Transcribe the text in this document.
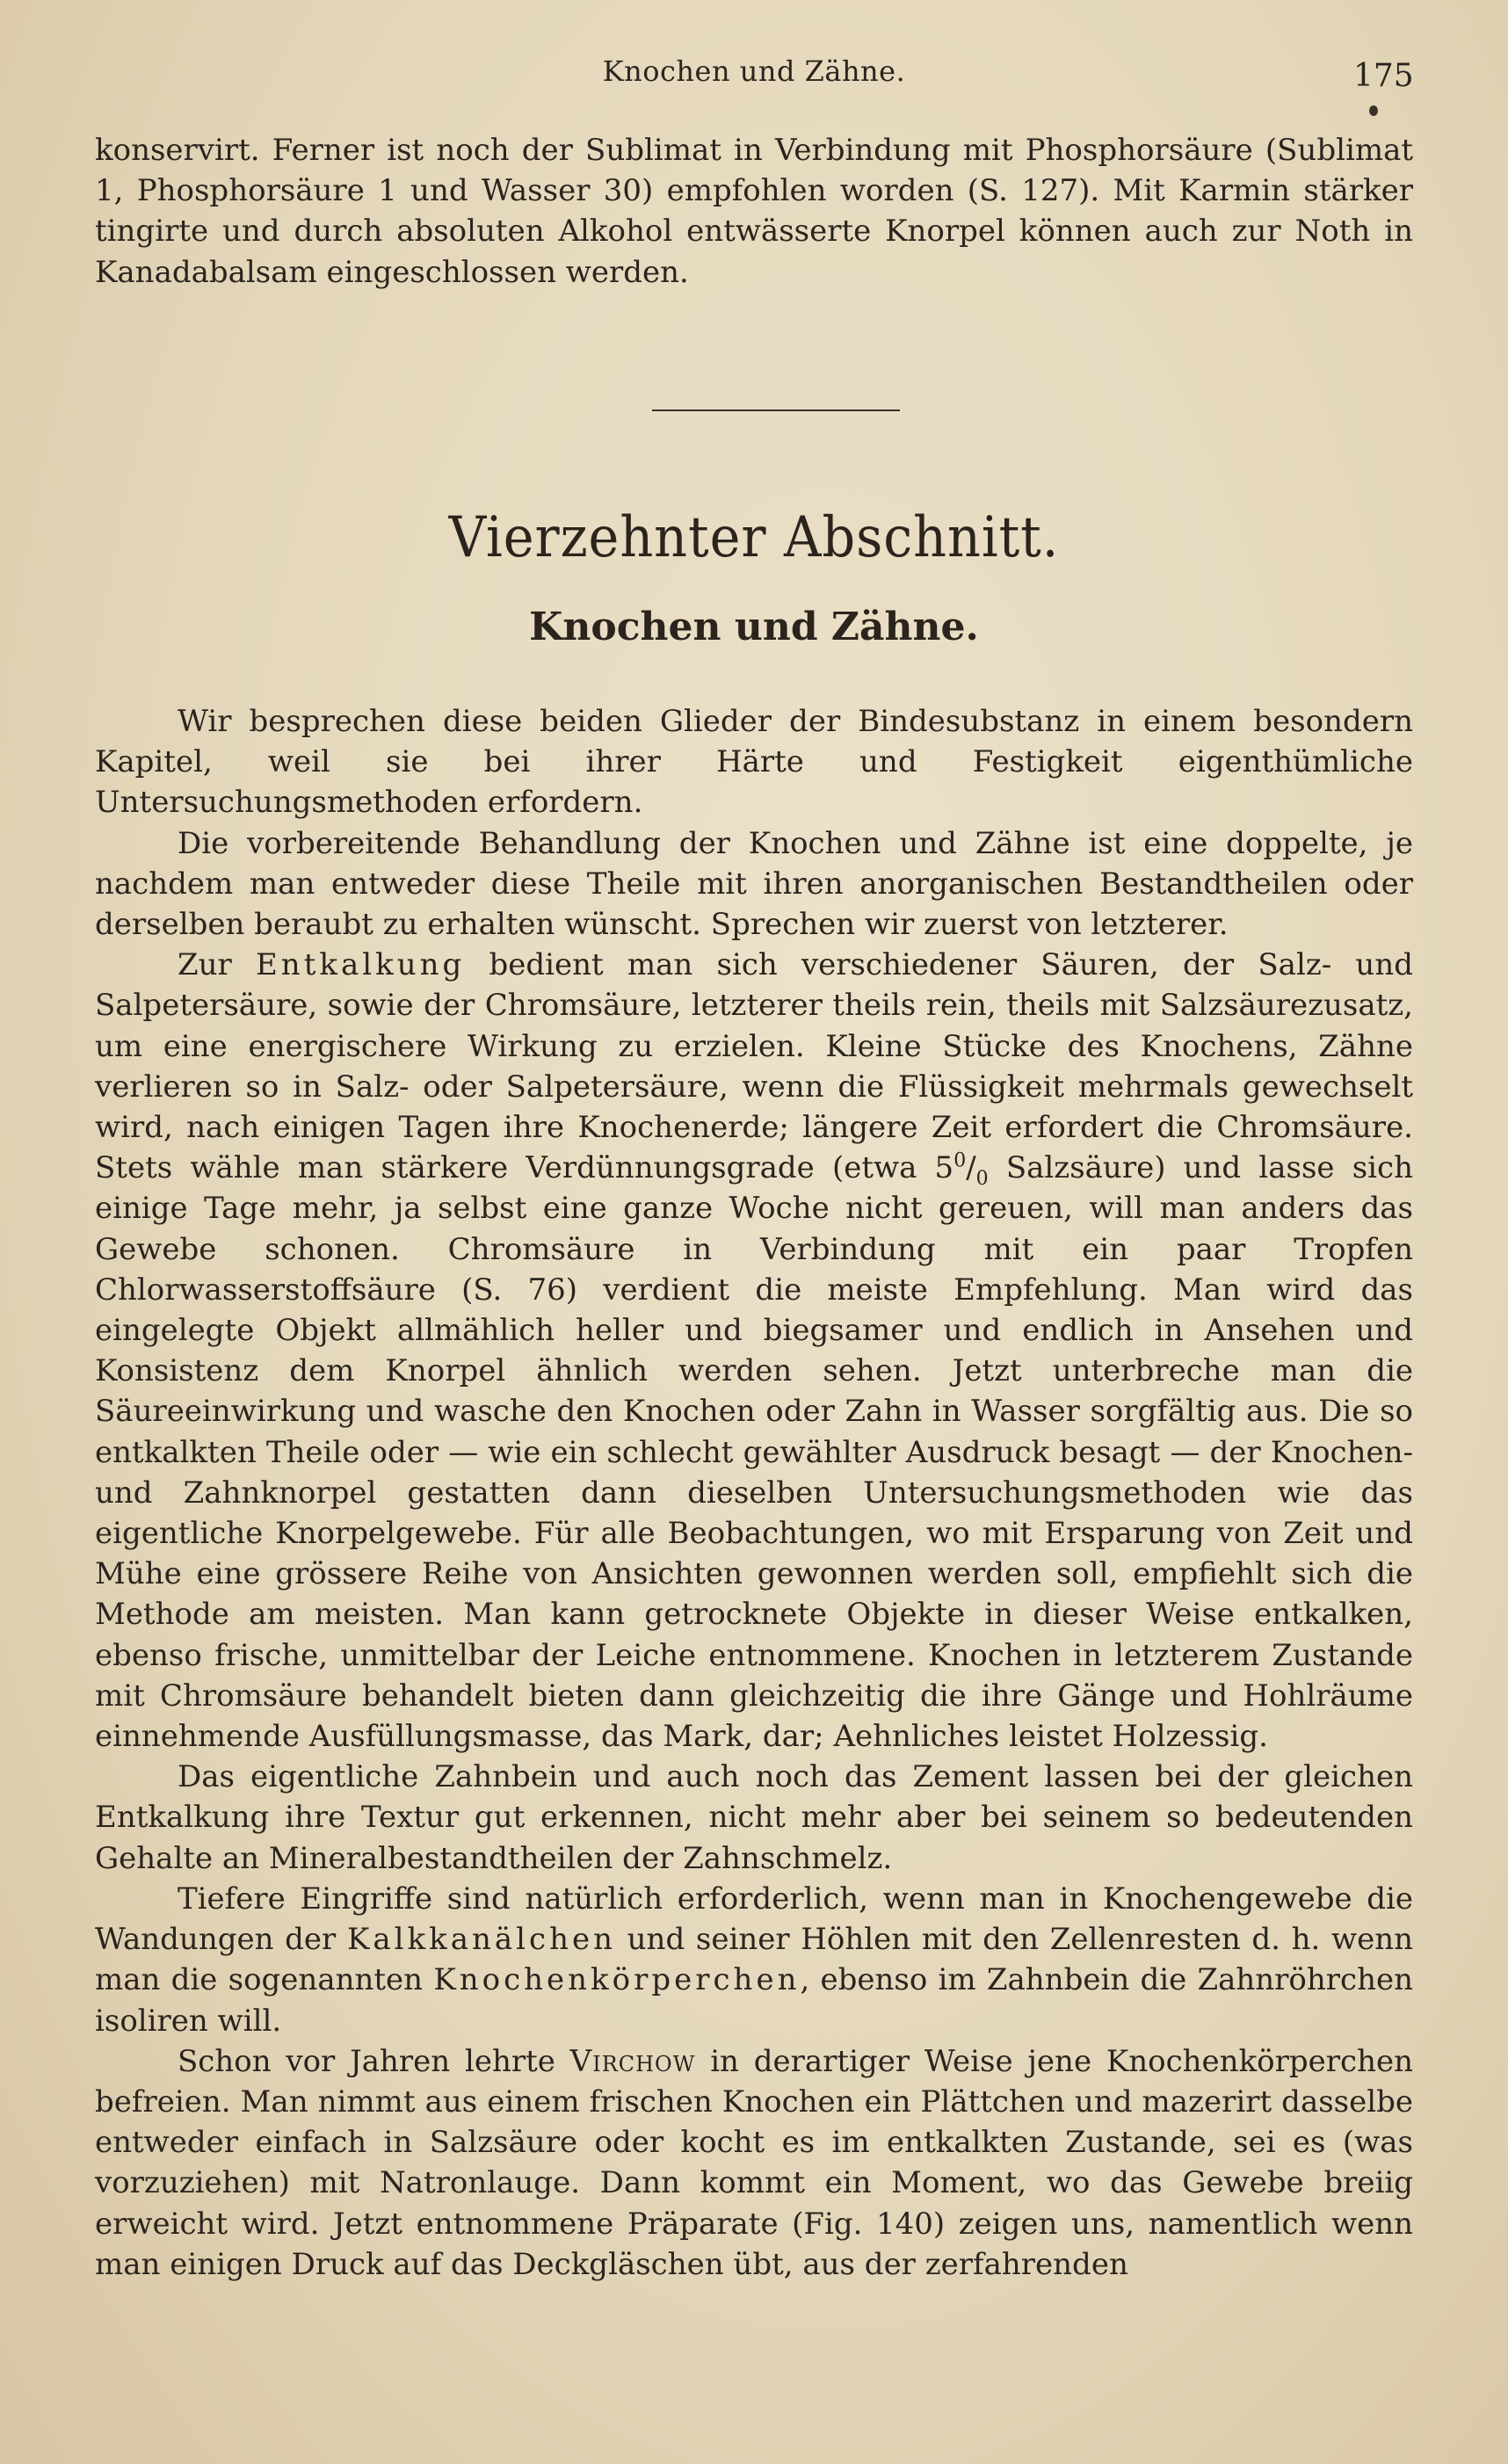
Knochen und Zähne.	175

konservirt. Ferner ist noch der Sublimat in Verbindung mit Phosphorsäure (Sublimat 1, Phosphorsäure 1 und Wasser 30) empfohlen worden (S. 127). Mit Karmin stärker tingirte und durch absoluten Alkohol entwässerte Knorpel können auch zur Noth in Kanadabalsam eingeschlossen werden.

Vierzehnter Abschnitt.
Knochen und Zähne.

Wir besprechen diese beiden Glieder der Bindesubstanz in einem besondern Kapitel, weil sie bei ihrer Härte und Festigkeit eigenthümliche Untersuchungsmethoden erfordern.

Die vorbereitende Behandlung der Knochen und Zähne ist eine doppelte, je nachdem man entweder diese Theile mit ihren anorganischen Bestandtheilen oder derselben beraubt zu erhalten wünscht. Sprechen wir zuerst von letzterer.

Zur Entkalkung bedient man sich verschiedener Säuren, der Salz- und Salpetersäure, sowie der Chromsäure, letzterer theils rein, theils mit Salzsäurezusatz, um eine energischere Wirkung zu erzielen. Kleine Stücke des Knochens, Zähne verlieren so in Salz- oder Salpetersäure, wenn die Flüssigkeit mehrmals gewechselt wird, nach einigen Tagen ihre Knochenerde; längere Zeit erfordert die Chromsäure. Stets wähle man stärkere Verdünnungsgrade (etwa $5^0/_0$ Salzsäure) und lasse sich einige Tage mehr, ja selbst eine ganze Woche nicht gereuen, will man anders das Gewebe schonen. Chromsäure in Verbindung mit ein paar Tropfen Chlorwasserstoffsäure (S. 76) verdient die meiste Empfehlung. Man wird das eingelegte Objekt allmählich heller und biegsamer und endlich in Ansehen und Konsistenz dem Knorpel ähnlich werden sehen. Jetzt unterbreche man die Säureeinwirkung und wasche den Knochen oder Zahn in Wasser sorgfältig aus. Die so entkalkten Theile oder — wie ein schlecht gewählter Ausdruck besagt — der Knochen- und Zahnknorpel gestatten dann dieselben Untersuchungsmethoden wie das eigentliche Knorpelgewebe. Für alle Beobachtungen, wo mit Ersparung von Zeit und Mühe eine grössere Reihe von Ansichten gewonnen werden soll, empfiehlt sich die Methode am meisten. Man kann getrocknete Objekte in dieser Weise entkalken, ebenso frische, unmittelbar der Leiche entnommene. Knochen in letzterem Zustande mit Chromsäure behandelt bieten dann gleichzeitig die ihre Gänge und Hohlräume einnehmende Ausfüllungsmasse, das Mark, dar; Aehnliches leistet Holzessig.

Das eigentliche Zahnbein und auch noch das Zement lassen bei der gleichen Entkalkung ihre Textur gut erkennen, nicht mehr aber bei seinem so bedeutenden Gehalte an Mineralbestandtheilen der Zahnschmelz.

Tiefere Eingriffe sind natürlich erforderlich, wenn man in Knochengewebe die Wandungen der Kalkkanälchen und seiner Höhlen mit den Zellenresten d. h. wenn man die sogenannten Knochenkörperchen, ebenso im Zahnbein die Zahnröhrchen isoliren will.

Schon vor Jahren lehrte Virchow in derartiger Weise jene Knochenkörperchen befreien. Man nimmt aus einem frischen Knochen ein Plättchen und mazerirt dasselbe entweder einfach in Salzsäure oder kocht es im entkalkten Zustande, sei es (was vorzuziehen) mit Natronlauge. Dann kommt ein Moment, wo das Gewebe breiig erweicht wird. Jetzt entnommene Präparate (Fig. 140) zeigen uns, namentlich wenn man einigen Druck auf das Deckgläschen übt, aus der zerfahrenden
